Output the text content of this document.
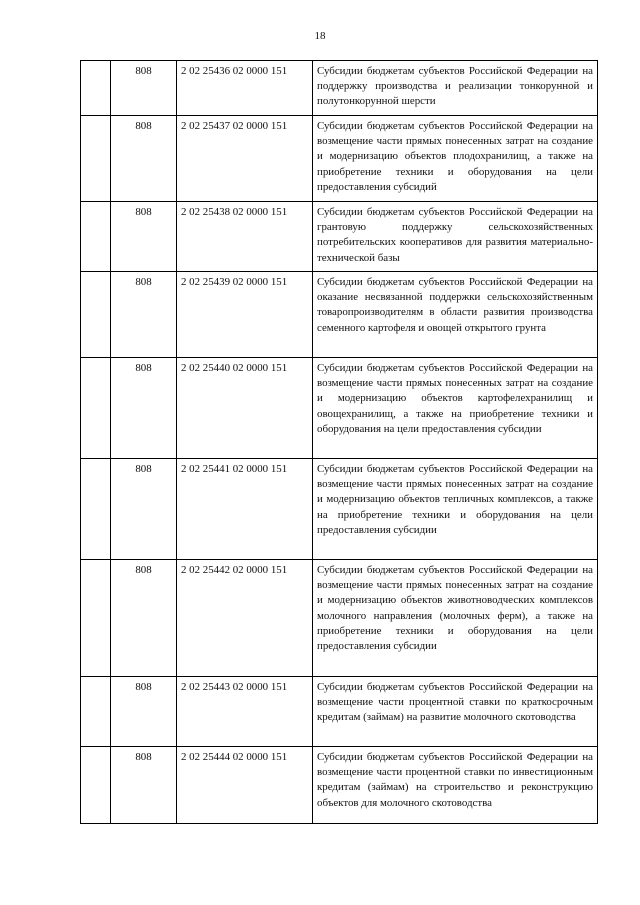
18
	808	2 02 25436 02 0000 151	Субсидии бюджетам субъектов Российской Федерации на поддержку производства и реализации тонкорунной и полутонкорунной шерсти
	808	2 02 25437 02 0000 151	Субсидии бюджетам субъектов Российской Федерации на возмещение части прямых понесенных затрат на создание и модернизацию объектов плодохранилищ, а также на приобретение техники и оборудования на цели предоставления субсидий
	808	2 02 25438 02 0000 151	Субсидии бюджетам субъектов Российской Федерации на грантовую поддержку сельскохозяйственных потребительских кооперативов для развития материально-технической базы
	808	2 02 25439 02 0000 151	Субсидии бюджетам субъектов Российской Федерации на оказание несвязанной поддержки сельскохозяйственным товаропроизводителям в области развития производства семенного картофеля и овощей открытого грунта
	808	2 02 25440 02 0000 151	Субсидии бюджетам субъектов Российской Федерации на возмещение части прямых понесенных затрат на создание и модернизацию объектов картофелехранилищ и овощехранилищ, а также на приобретение техники и оборудования на цели предоставления субсидии
	808	2 02 25441 02 0000 151	Субсидии бюджетам субъектов Российской Федерации на возмещение части прямых понесенных затрат на создание и модернизацию объектов тепличных комплексов, а также на приобретение техники и оборудования на цели предоставления субсидии
	808	2 02 25442 02 0000 151	Субсидии бюджетам субъектов Российской Федерации на возмещение части прямых понесенных затрат на создание и модернизацию объектов животноводческих комплексов молочного направления (молочных ферм), а также на приобретение техники и оборудования на цели предоставления субсидии
	808	2 02 25443 02 0000 151	Субсидии бюджетам субъектов Российской Федерации на возмещение части процентной ставки по краткосрочным кредитам (займам) на развитие молочного скотоводства
	808	2 02 25444 02 0000 151	Субсидии бюджетам субъектов Российской Федерации на возмещение части процентной ставки по инвестиционным кредитам (займам) на строительство и реконструкцию объектов для молочного скотоводства
